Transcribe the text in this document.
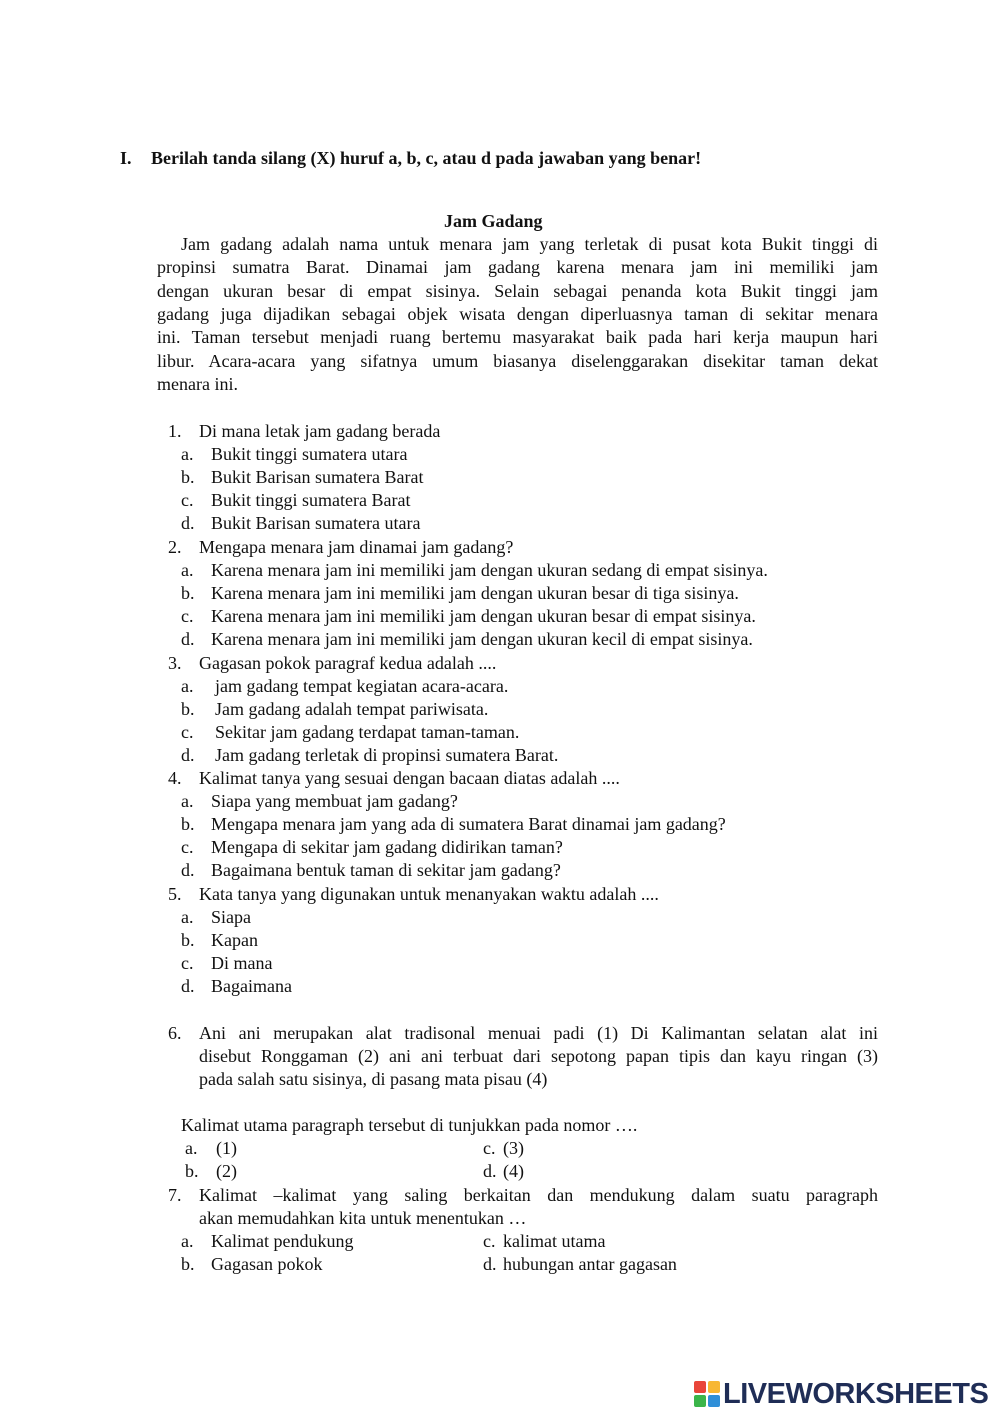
I. Berilah tanda silang (X) huruf a, b, c, atau d pada jawaban yang benar!
Jam Gadang
Jam gadang adalah nama untuk menara jam yang terletak di pusat kota Bukit tinggi di
propinsi sumatra Barat. Dinamai jam gadang karena menara jam ini memiliki jam
dengan ukuran besar di empat sisinya. Selain sebagai penanda kota Bukit tinggi jam
gadang juga dijadikan sebagai objek wisata dengan diperluasnya taman di sekitar menara
ini. Taman tersebut menjadi ruang bertemu masyarakat baik pada hari kerja maupun hari
libur. Acara-acara yang sifatnya umum biasanya diselenggarakan disekitar taman dekat
menara ini.
1. Di mana letak jam gadang berada
a. Bukit tinggi sumatera utara
b. Bukit Barisan sumatera Barat
c. Bukit tinggi sumatera Barat
d. Bukit Barisan sumatera utara
2. Mengapa menara jam dinamai jam gadang?
a. Karena menara jam ini memiliki jam dengan ukuran sedang di empat sisinya.
b. Karena menara jam ini memiliki jam dengan ukuran besar di tiga sisinya.
c. Karena menara jam ini memiliki jam dengan ukuran besar di empat sisinya.
d. Karena menara jam ini memiliki jam dengan ukuran kecil di empat sisinya.
3. Gagasan pokok paragraf kedua adalah ....
a. jam gadang tempat kegiatan acara-acara.
b. Jam gadang adalah tempat pariwisata.
c. Sekitar jam gadang terdapat taman-taman.
d. Jam gadang terletak di propinsi sumatera Barat.
4. Kalimat tanya yang sesuai dengan bacaan diatas adalah ....
a. Siapa yang membuat jam gadang?
b. Mengapa menara jam yang ada di sumatera Barat dinamai jam gadang?
c. Mengapa di sekitar jam gadang didirikan taman?
d. Bagaimana bentuk taman di sekitar jam gadang?
5. Kata tanya yang digunakan untuk menanyakan waktu adalah ....
a. Siapa
b. Kapan
c. Di mana
d. Bagaimana
6. Ani ani merupakan alat tradisonal menuai padi (1) Di Kalimantan selatan alat ini
disebut Ronggaman (2) ani ani terbuat dari sepotong papan tipis dan kayu ringan (3)
pada salah satu sisinya, di pasang mata pisau (4)
Kalimat utama paragraph tersebut di tunjukkan pada nomor ….
a. (1)	c. (3)
b. (2)	d. (4)
7. Kalimat –kalimat yang saling berkaitan dan mendukung dalam suatu paragraph
akan memudahkan kita untuk menentukan …
a. Kalimat pendukung	c. kalimat utama
b. Gagasan pokok	d. hubungan antar gagasan
LIVEWORKSHEETS
